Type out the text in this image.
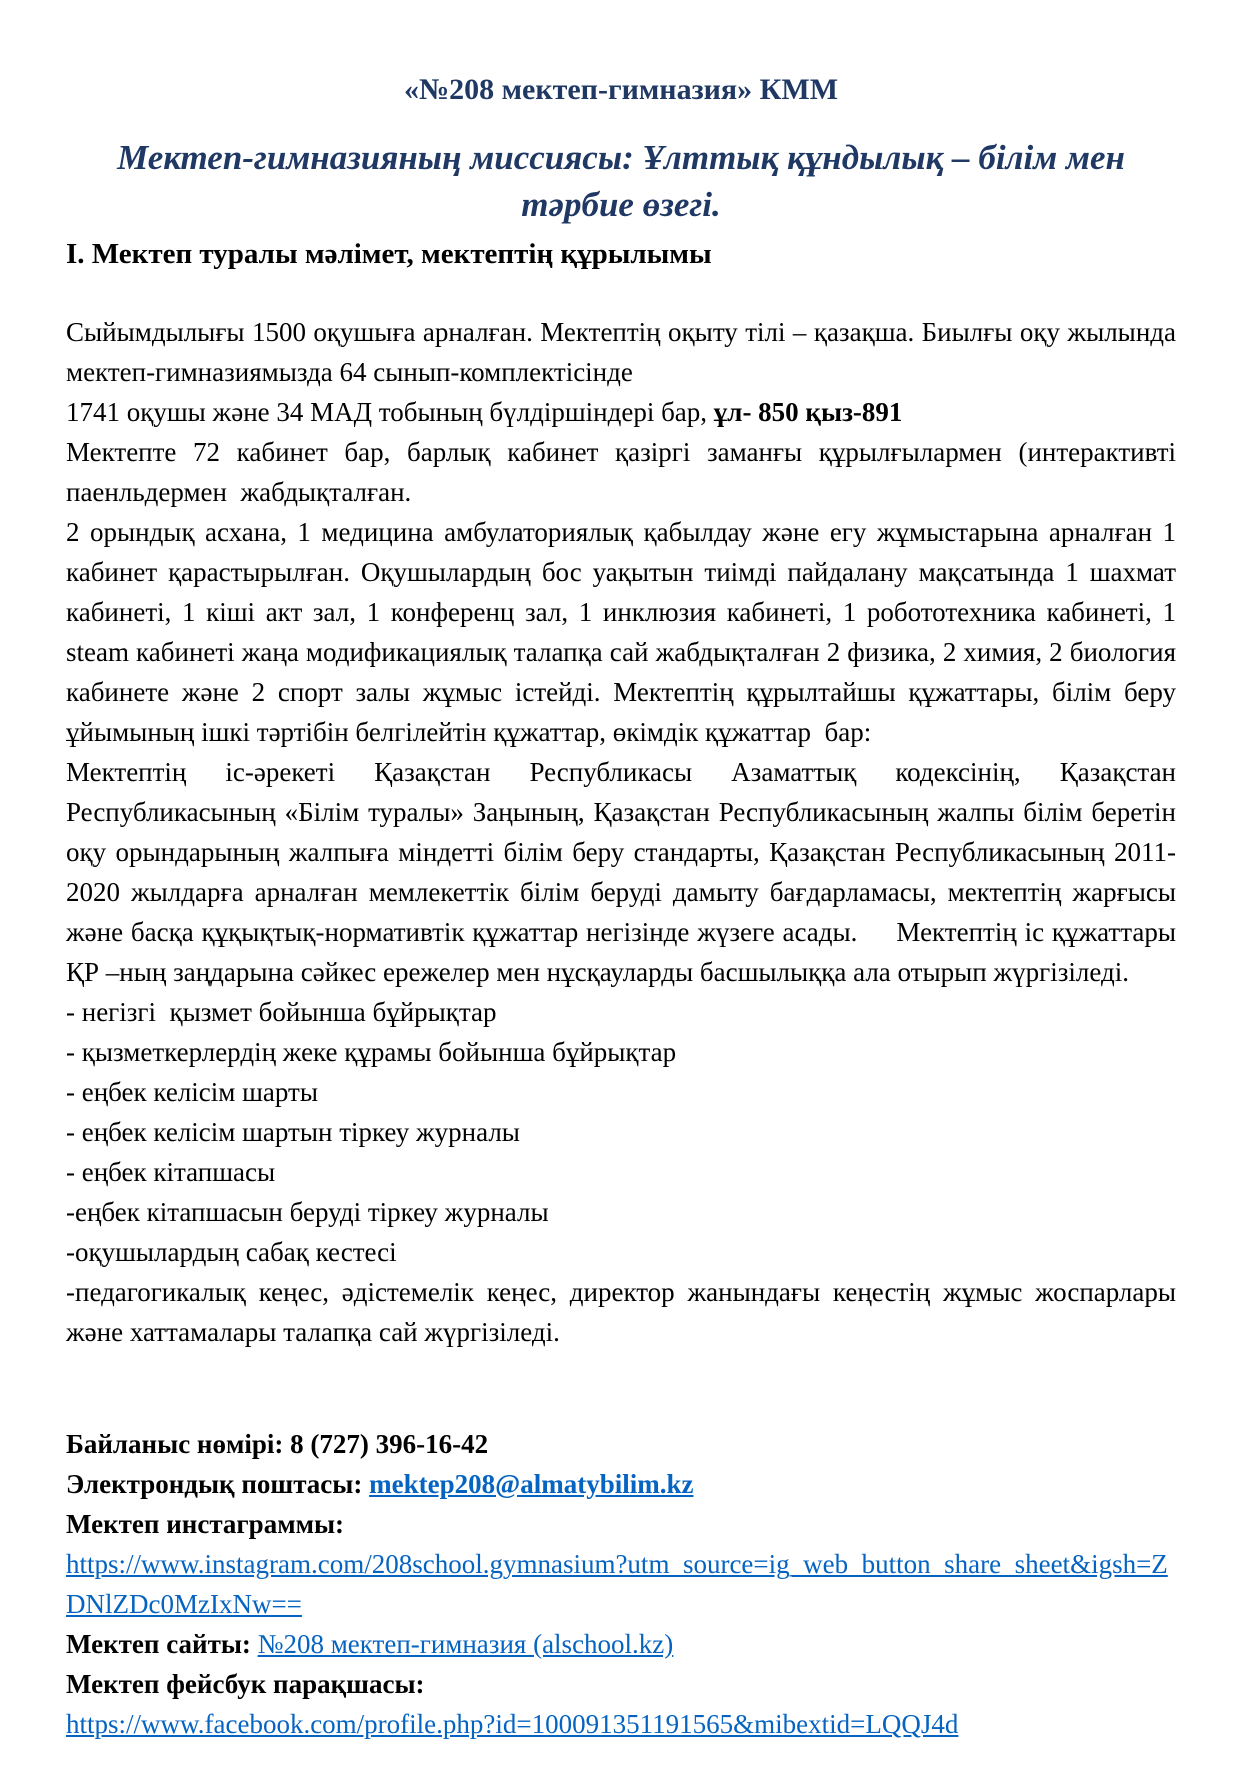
«№208 мектеп-гимназия» КММ
Мектеп-гимназияның миссиясы: Ұлттық құндылық – білім мен тәрбие өзегі.
I. Мектеп туралы мәлімет, мектептің құрылымы

Сыйымдылығы 1500 оқушыға арналған. Мектептің оқыту тілі – қазақша. Биылғы оқу жылында мектеп-гимназиямызда 64 сынып-комплектісінде

1741 оқушы және 34 МАД тобының бүлдіршіндері бар, ұл- 850 қыз-891

Мектепте 72 кабинет бар, барлық кабинет қазіргі заманғы құрылғылармен (интерактивті паенльдермен  жабдықталған.

2 орындық асхана, 1 медицина амбулаториялық қабылдау және егу жұмыстарына арналған 1 кабинет қарастырылған. Оқушылардың бос уақытын тиімді пайдалану мақсатында 1 шахмат кабинеті, 1 кіші акт зал, 1 конференц зал, 1 инклюзия кабинеті, 1 робототехника кабинеті, 1 steam кабинеті жаңа модификациялық талапқа сай жабдықталған 2 физика, 2 химия, 2 биология кабинете және 2 спорт залы жұмыс істейді. Мектептің құрылтайшы құжаттары, білім беру ұйымының ішкі тәртібін белгілейтін құжаттар, өкімдік құжаттар  бар:

Мектептің іс-әрекеті Қазақстан Республикасы Азаматтық кодексінің, Қазақстан Республикасының «Білім туралы» Заңының, Қазақстан Республикасының жалпы білім беретін оқу орындарының жалпыға міндетті білім беру стандарты, Қазақстан Республикасының 2011-2020 жылдарға арналған мемлекеттік білім беруді дамыту бағдарламасы, мектептің жарғысы және басқа құқықтық-нормативтік құжаттар негізінде жүзеге асады.     Мектептің іс құжаттары ҚР –ның заңдарына сәйкес ережелер мен нұсқауларды басшылыққа ала отырып жүргізіледі.

- негізгі  қызмет бойынша бұйрықтар

- қызметкерлердің жеке құрамы бойынша бұйрықтар

- еңбек келісім шарты

- еңбек келісім шартын тіркеу журналы

- еңбек кітапшасы

-еңбек кітапшасын беруді тіркеу журналы

-оқушылардың сабақ кестесі

-педагогикалық кеңес, әдістемелік кеңес, директор жанындағы кеңестің жұмыс жоспарлары және хаттамалары талапқа сай жүргізіледі.

Байланыс нөмірі: 8 (727) 396-16-42

Электрондық поштасы: mektep208@almatybilim.kz

Мектеп инстаграммы:

https://www.instagram.com/208school.gymnasium?utm_source=ig_web_button_share_sheet&igsh=ZDNlZDc0MzIxNw==

Мектеп сайты: №208 мектеп-гимназия (alschool.kz)

Мектеп фейсбук парақшасы:

https://www.facebook.com/profile.php?id=100091351191565&mibextid=LQQJ4d
